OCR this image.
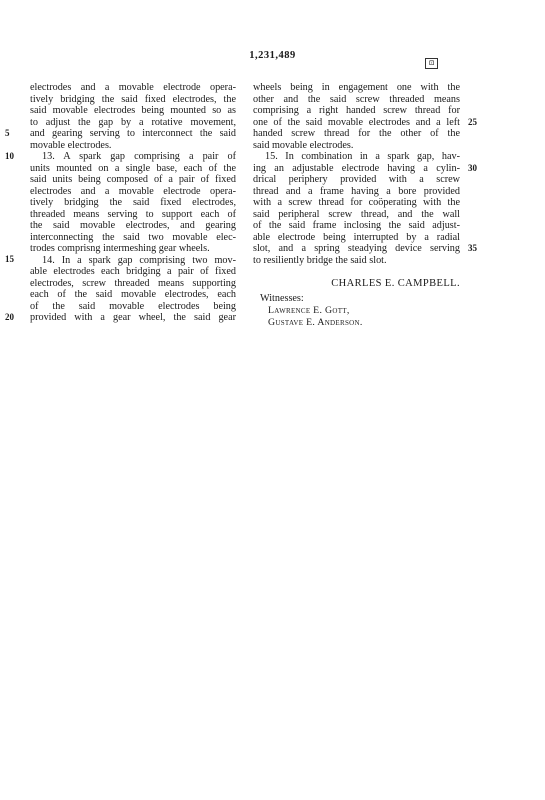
1,231,489
⊡
electrodes and a movable electrode opera-
tively bridging the said fixed electrodes, the
said movable electrodes being mounted so as
to adjust the gap by a rotative movement,
and gearing serving to interconnect the said
movable electrodes.
13. A spark gap comprising a pair of
units mounted on a single base, each of the
said units being composed of a pair of fixed
electrodes and a movable electrode opera-
tively bridging the said fixed electrodes,
threaded means serving to support each of
the said movable electrodes, and gearing
interconnecting the said two movable elec-
trodes comprisng intermeshing gear wheels.
14. In a spark gap comprising two mov-
able electrodes each bridging a pair of fixed
electrodes, screw threaded means supporting
each of the said movable electrodes, each
of the said movable electrodes being
provided with a gear wheel, the said gear
5
10
15
20
wheels being in engagement one with the
other and the said screw threaded means
comprising a right handed screw thread for
one of the said movable electrodes and a left
handed screw thread for the other of the
said movable electrodes.
15. In combination in a spark gap, hav-
ing an adjustable electrode having a cylin-
drical periphery provided with a screw
thread and a frame having a bore provided
with a screw thread for coöperating with the
said peripheral screw thread, and the wall
of the said frame inclosing the said adjust-
able electrode being interrupted by a radial
slot, and a spring steadying device serving
to resiliently bridge the said slot.
25
30
35
CHARLES E. CAMPBELL.
Witnesses:
Lawrence E. Gott,
Gustave E. Anderson.
